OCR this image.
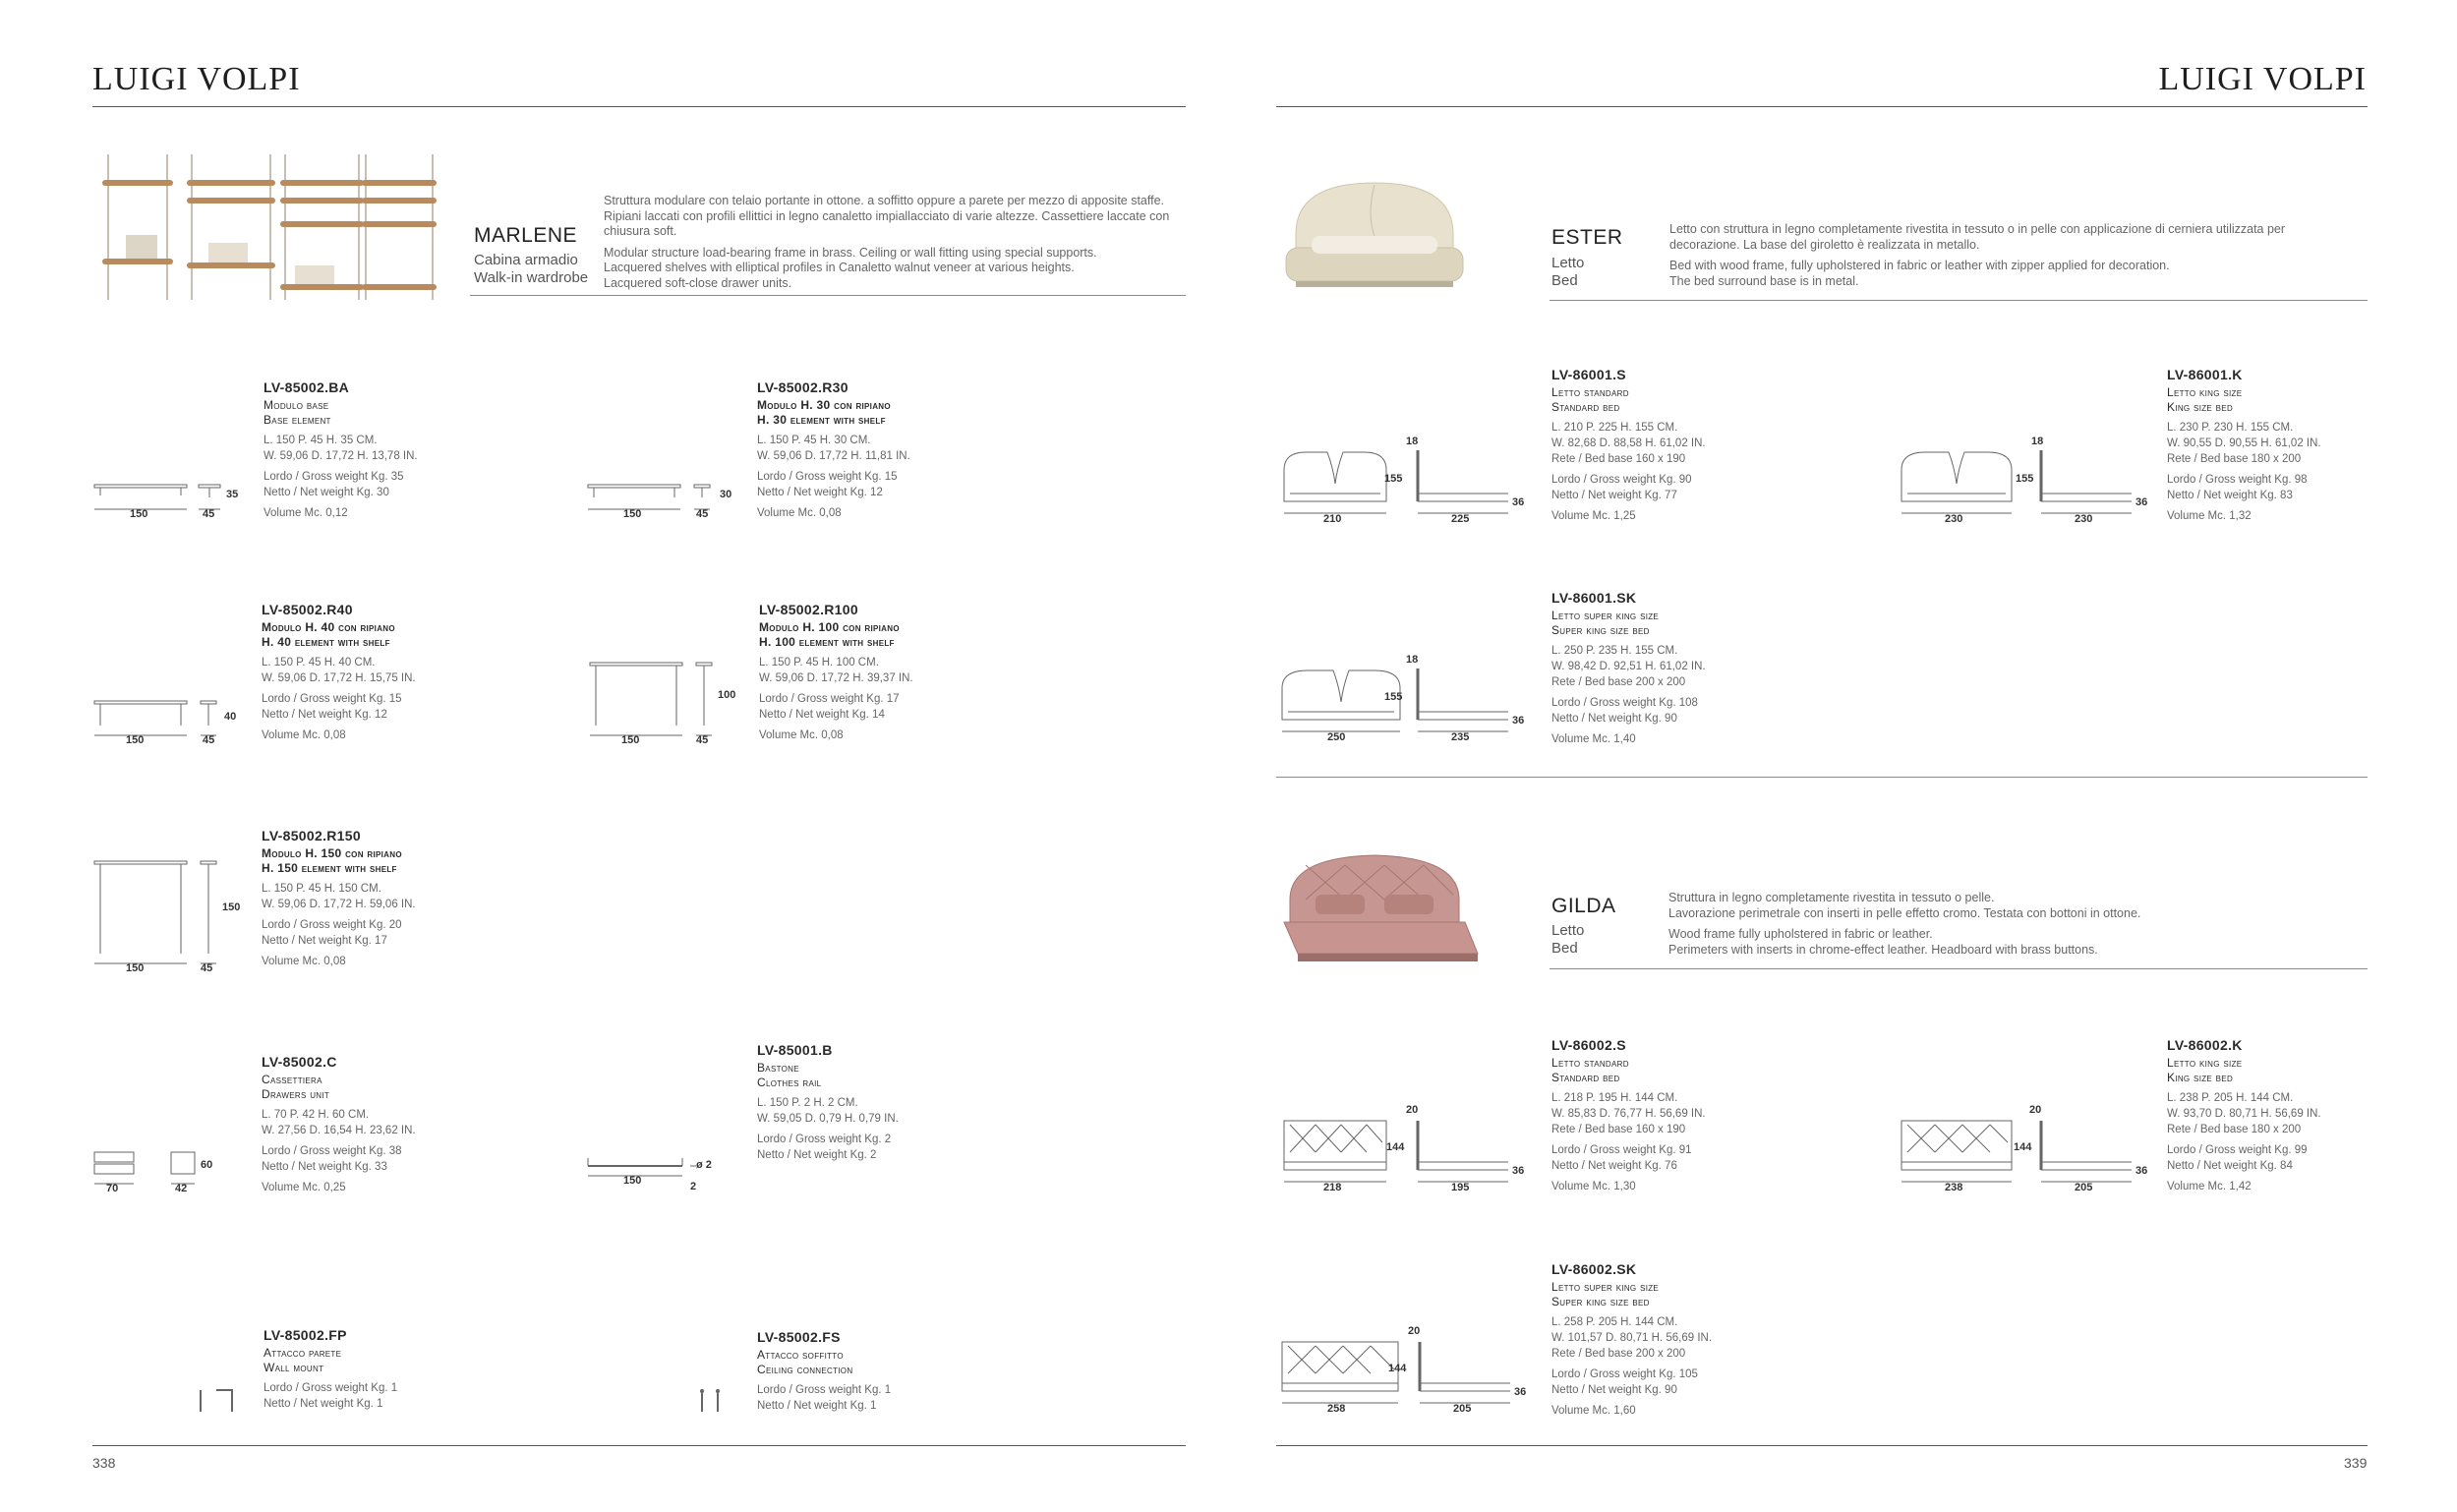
LUIGI VOLPI
MARLENE
Cabina armadio
Walk-in wardrobe

Struttura modulare con telaio portante in ottone. a soffitto oppure a parete per mezzo di apposite staffe. Ripiani laccati con profili ellittici in legno canaletto impiallacciato di varie altezze. Cassettiere laccate con chiusura soft.

Modular structure load-bearing frame in brass. Ceiling or wall fitting using special supports.

Lacquered shelves with elliptical profiles in Canaletto walnut veneer at various heights.

Lacquered soft-close drawer units.

150	45
35
LV-85002.BA
Modulo base
Base element
L. 150 P. 45 H. 35 CM.
W. 59,06 D. 17,72 H. 13,78 IN.
Lordo / Gross weight Kg. 35
Netto / Net weight Kg. 30
Volume Mc. 0,12	150	45
30
LV-85002.R30
Modulo H. 30 con ripiano
H. 30 element with shelf
L. 150 P. 45 H. 30 CM.
W. 59,06 D. 17,72 H. 11,81 IN.
Lordo / Gross weight Kg. 15
Netto / Net weight Kg. 12
Volume Mc. 0,08
150	45
40
LV-85002.R40
Modulo H. 40 con ripiano
H. 40 element with shelf
L. 150 P. 45 H. 40 CM.
W. 59,06 D. 17,72 H. 15,75 IN.
Lordo / Gross weight Kg. 15
Netto / Net weight Kg. 12
Volume Mc. 0,08	150	45
100
LV-85002.R100
Modulo H. 100 con ripiano
H. 100 element with shelf
L. 150 P. 45 H. 100 CM.
W. 59,06 D. 17,72 H. 39,37 IN.
Lordo / Gross weight Kg. 17
Netto / Net weight Kg. 14
Volume Mc. 0,08
150	45
150
LV-85002.R150
Modulo H. 150 con ripiano
H. 150 element with shelf
L. 150 P. 45 H. 150 CM.
W. 59,06 D. 17,72 H. 59,06 IN.
Lordo / Gross weight Kg. 20
Netto / Net weight Kg. 17
Volume Mc. 0,08
70	42
60
LV-85002.C
Cassettiera
Drawers unit
L. 70 P. 42 H. 60 CM.
W. 27,56 D. 16,54 H. 23,62 IN.
Lordo / Gross weight Kg. 38
Netto / Net weight Kg. 33
Volume Mc. 0,25
150	2
ø 2
LV-85001.B
Bastone
Clothes rail
L. 150 P. 2 H. 2 CM.
W. 59,05 D. 0,79 H. 0,79 IN.
Lordo / Gross weight Kg. 2
Netto / Net weight Kg. 2
LV-85002.FP
Attacco parete
Wall mount
Lordo / Gross weight Kg. 1
Netto / Net weight Kg. 1
LV-85002.FS
Attacco soffitto
Ceiling connection
Lordo / Gross weight Kg. 1
Netto / Net weight Kg. 1
338
LUIGI VOLPI
ESTER
Letto
Bed

Letto con struttura in legno completamente rivestita in tessuto o in pelle con applicazione di cerniera utilizzata per decorazione. La base del giroletto è realizzata in metallo.

Bed with wood frame, fully upholstered in fabric or leather with zipper applied for decoration.

The bed surround base is in metal.

210
18
155
36
225
LV-86001.S
Letto standard
Standard bed
L. 210 P. 225 H. 155 CM.
W. 82,68 D. 88,58 H. 61,02 IN.
Rete / Bed base 160 x 190
Lordo / Gross weight Kg. 90
Netto / Net weight Kg. 77
Volume Mc. 1,25	230
18
155
36
230
LV-86001.K
Letto king size
King size bed
L. 230 P. 230 H. 155 CM.
W. 90,55 D. 90,55 H. 61,02 IN.
Rete / Bed base 180 x 200
Lordo / Gross weight Kg. 98
Netto / Net weight Kg. 83
Volume Mc. 1,32
250
18
155
36
235
LV-86001.SK
Letto super king size
Super king size bed
L. 250 P. 235 H. 155 CM.
W. 98,42 D. 92,51 H. 61,02 IN.
Rete / Bed base 200 x 200
Lordo / Gross weight Kg. 108
Netto / Net weight Kg. 90
Volume Mc. 1,40
GILDA
Letto
Bed

Struttura in legno completamente rivestita in tessuto o pelle.

Lavorazione perimetrale con inserti in pelle effetto cromo. Testata con bottoni in ottone.

Wood frame fully upholstered in fabric or leather.

Perimeters with inserts in chrome-effect leather. Headboard with brass buttons.

218
20
144
36
195
LV-86002.S
Letto standard
Standard bed
L. 218 P. 195 H. 144 CM.
W. 85,83 D. 76,77 H. 56,69 IN.
Rete / Bed base 160 x 190
Lordo / Gross weight Kg. 91
Netto / Net weight Kg. 76
Volume Mc. 1,30	238
20
144
36
205
LV-86002.K
Letto king size
King size bed
L. 238 P. 205 H. 144 CM.
W. 93,70 D. 80,71 H. 56,69 IN.
Rete / Bed base 180 x 200
Lordo / Gross weight Kg. 99
Netto / Net weight Kg. 84
Volume Mc. 1,42
258
20
144
36
205
LV-86002.SK
Letto super king size
Super king size bed
L. 258 P. 205 H. 144 CM.
W. 101,57 D. 80,71 H. 56,69 IN.
Rete / Bed base 200 x 200
Lordo / Gross weight Kg. 105
Netto / Net weight Kg. 90
Volume Mc. 1,60
339
